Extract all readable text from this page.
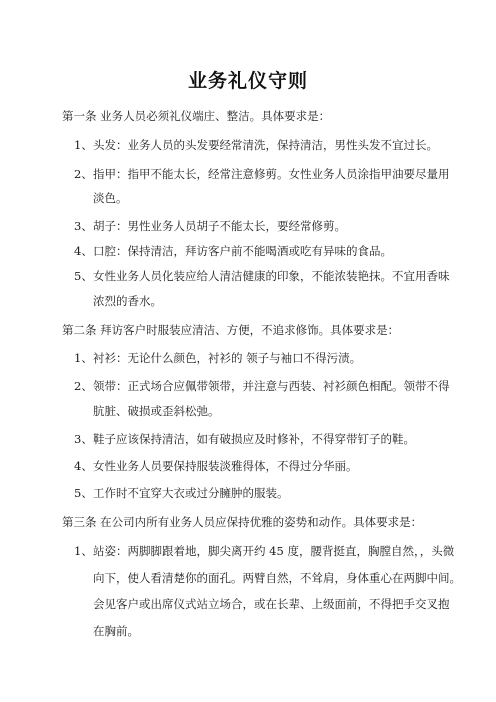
业务礼仪守则
第一条 业务人员必须礼仪端庄、整洁。具体要求是：
1、 头发：业务人员的头发要经常清洗，保持清洁，男性头发不宜过长。
2、 指甲：指甲不能太长，经常注意修剪。女性业务人员涂指甲油要尽量用
淡色。
3、 胡子：男性业务人员胡子不能太长，要经常修剪。
4、 口腔：保持清洁，拜访客户前不能喝酒或吃有异味的食品。
5、 女性业务人员化装应给人清洁健康的印象，不能浓装艳抹。不宜用香味
浓烈的香水。
第二条 拜访客户时服装应清洁、方便，不追求修饰。具体要求是：
1、 衬衫：无论什么颜色，衬衫的 领子与袖口不得污渍。
2、 领带：正式场合应佩带领带，并注意与西装、衬衫颜色相配。领带不得
肮脏、破损或歪斜松弛。
3、 鞋子应该保持清洁，如有破损应及时修补，不得穿带钉子的鞋。
4、 女性业务人员要保持服装淡雅得体，不得过分华丽。
5、 工作时不宜穿大衣或过分臃肿的服装。
第三条 在公司内所有业务人员应保持优雅的姿势和动作。具体要求是：
1、 站姿：两脚脚跟着地，脚尖离开约 45 度，腰背挺直，胸膛自然，，头微
向下，使人看清楚你的面孔。两臂自然，不耸肩，身体重心在两脚中间。
会见客户或出席仪式站立场合，或在长辈、上级面前，不得把手交叉抱
在胸前。
